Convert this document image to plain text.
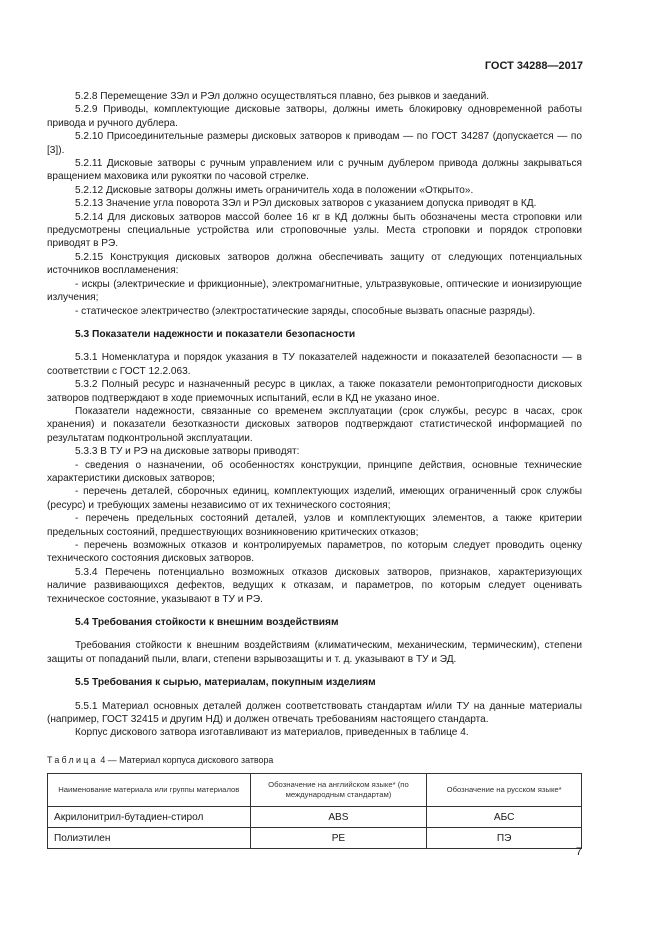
ГОСТ 34288—2017

5.2.8 Перемещение ЗЭл и РЭл должно осуществляться плавно, без рывков и заеданий.

5.2.9 Приводы, комплектующие дисковые затворы, должны иметь блокировку одновременной работы привода и ручного дублера.

5.2.10 Присоединительные размеры дисковых затворов к приводам — по ГОСТ 34287 (допускается — по [3]).

5.2.11 Дисковые затворы с ручным управлением или с ручным дублером привода должны закрываться вращением маховика или рукоятки по часовой стрелке.

5.2.12 Дисковые затворы должны иметь ограничитель хода в положении «Открыто».

5.2.13 Значение угла поворота ЗЭл и РЭл дисковых затворов с указанием допуска приводят в КД.

5.2.14 Для дисковых затворов массой более 16 кг в КД должны быть обозначены места строповки или предусмотрены специальные устройства или строповочные узлы. Места строповки и порядок строповки приводят в РЭ.

5.2.15 Конструкция дисковых затворов должна обеспечивать защиту от следующих потенциальных источников воспламенения:

- искры (электрические и фрикционные), электромагнитные, ультразвуковые, оптические и ионизирующие излучения;

- статическое электричество (электростатические заряды, способные вызвать опасные разряды).

5.3 Показатели надежности и показатели безопасности

5.3.1 Номенклатура и порядок указания в ТУ показателей надежности и показателей безопасности — в соответствии с ГОСТ 12.2.063.

5.3.2 Полный ресурс и назначенный ресурс в циклах, а также показатели ремонтопригодности дисковых затворов подтверждают в ходе приемочных испытаний, если в КД не указано иное.

Показатели надежности, связанные со временем эксплуатации (срок службы, ресурс в часах, срок хранения) и показатели безотказности дисковых затворов подтверждают статистической информацией по результатам подконтрольной эксплуатации.

5.3.3 В ТУ и РЭ на дисковые затворы приводят:

- сведения о назначении, об особенностях конструкции, принципе действия, основные технические характеристики дисковых затворов;

- перечень деталей, сборочных единиц, комплектующих изделий, имеющих ограниченный срок службы (ресурс) и требующих замены независимо от их технического состояния;

- перечень предельных состояний деталей, узлов и комплектующих элементов, а также критерии предельных состояний, предшествующих возникновению критических отказов;

- перечень возможных отказов и контролируемых параметров, по которым следует проводить оценку технического состояния дисковых затворов.

5.3.4 Перечень потенциально возможных отказов дисковых затворов, признаков, характеризующих наличие развивающихся дефектов, ведущих к отказам, и параметров, по которым следует оценивать техническое состояние, указывают в ТУ и РЭ.

5.4 Требования стойкости к внешним воздействиям

Требования стойкости к внешним воздействиям (климатическим, механическим, термическим), степени защиты от попаданий пыли, влаги, степени взрывозащиты и т. д. указывают в ТУ и ЭД.

5.5 Требования к сырью, материалам, покупным изделиям

5.5.1 Материал основных деталей должен соответствовать стандартам и/или ТУ на данные материалы (например, ГОСТ 32415 и другим НД) и должен отвечать требованиям настоящего стандарта.

Корпус дискового затвора изготавливают из материалов, приведенных в таблице 4.

Таблица 4 — Материал корпуса дискового затвора
Наименование материала или группы материалов	Обозначение на английском языке* (по международным стандартам)	Обозначение на русском языке*
Акрилонитрил-бутадиен-стирол	ABS	АБС
Полиэтилен	PE	ПЭ
7
